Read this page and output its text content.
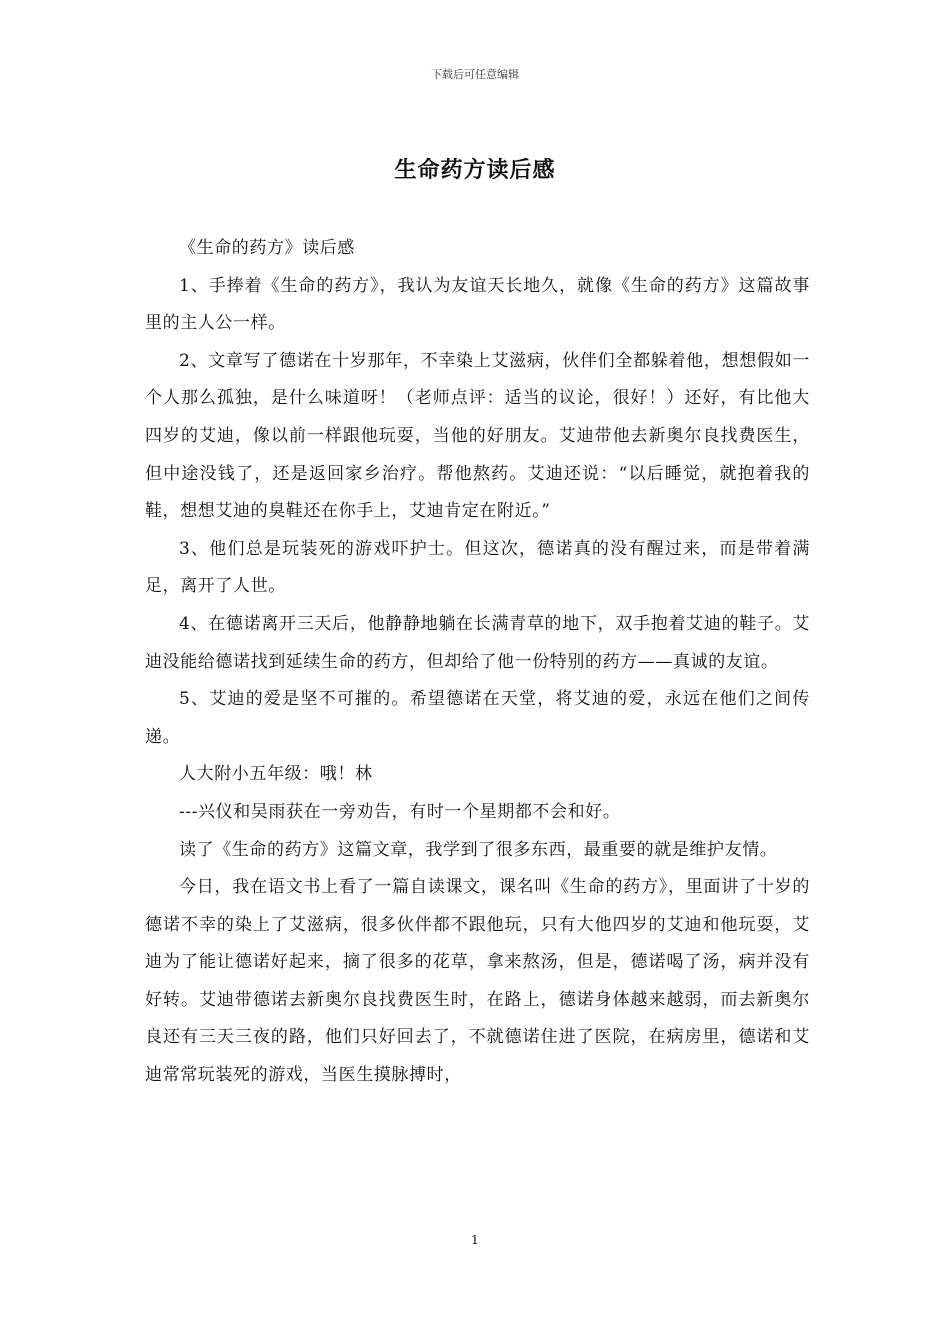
下载后可任意编辑
生命药方读后感

《生命的药方》读后感

1、手捧着《生命的药方》，我认为友谊天长地久，就像《生命的药方》这篇故事里的主人公一样。

2、文章写了德诺在十岁那年，不幸染上艾滋病，伙伴们全都躲着他，想想假如一个人那么孤独，是什么味道呀！（老师点评：适当的议论，很好！）还好，有比他大四岁的艾迪，像以前一样跟他玩耍，当他的好朋友。艾迪带他去新奥尔良找费医生，但中途没钱了，还是返回家乡治疗。帮他熬药。艾迪还说：“以后睡觉，就抱着我的鞋，想想艾迪的臭鞋还在你手上，艾迪肯定在附近。”

3、他们总是玩装死的游戏吓护士。但这次，德诺真的没有醒过来，而是带着满足，离开了人世。

4、在德诺离开三天后，他静静地躺在长满青草的地下，双手抱着艾迪的鞋子。艾迪没能给德诺找到延续生命的药方，但却给了他一份特别的药方——真诚的友谊。

5、艾迪的爱是坚不可摧的。希望德诺在天堂，将艾迪的爱，永远在他们之间传递。

人大附小五年级：哦！林

---兴仪和吴雨获在一旁劝告，有时一个星期都不会和好。

读了《生命的药方》这篇文章，我学到了很多东西，最重要的就是维护友情。

今日，我在语文书上看了一篇自读课文，课名叫《生命的药方》，里面讲了十岁的德诺不幸的染上了艾滋病，很多伙伴都不跟他玩，只有大他四岁的艾迪和他玩耍，艾迪为了能让德诺好起来，摘了很多的花草，拿来熬汤，但是，德诺喝了汤，病并没有好转。艾迪带德诺去新奥尔良找费医生时，在路上，德诺身体越来越弱，而去新奥尔良还有三天三夜的路，他们只好回去了，不就德诺住进了医院，在病房里，德诺和艾迪常常玩装死的游戏，当医生摸脉搏时，

1
